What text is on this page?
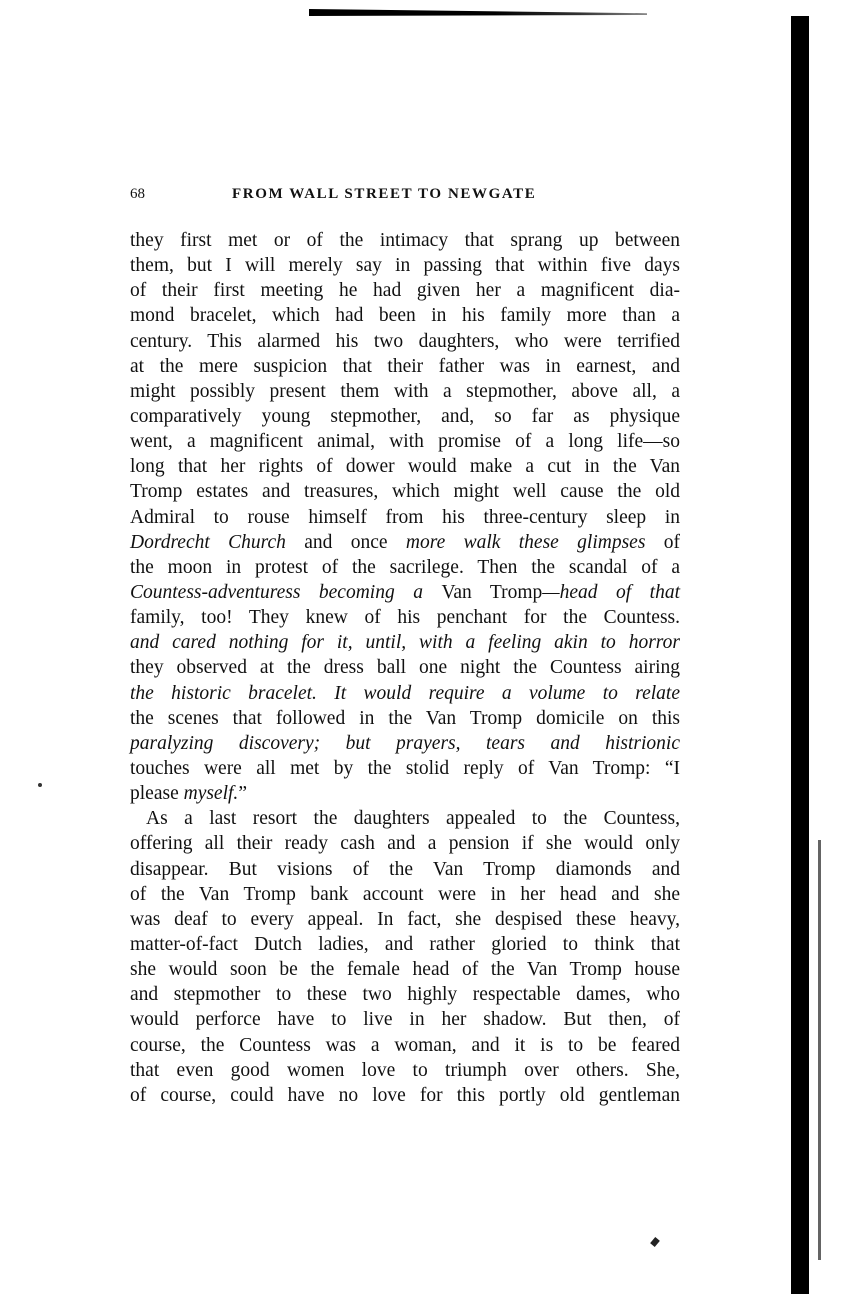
68	FROM WALL STREET TO NEWGATE
they first met or of the intimacy that sprang up between
them, but I will merely say in passing that within five days
of their first meeting he had given her a magnificent dia-
mond bracelet, which had been in his family more than a
century. This alarmed his two daughters, who were terrified
at the mere suspicion that their father was in earnest, and
might possibly present them with a stepmother, above all, a
comparatively young stepmother, and, so far as physique
went, a magnificent animal, with promise of a long life—so
long that her rights of dower would make a cut in the Van
Tromp estates and treasures, which might well cause the old
Admiral to rouse himself from his three-century sleep in
Dordrecht Church and once more walk these glimpses of
the moon in protest of the sacrilege. Then the scandal of a
Countess-adventuress becoming a Van Tromp—head of that
family, too! They knew of his penchant for the Countess.
and cared nothing for it, until, with a feeling akin to horror
they observed at the dress ball one night the Countess airing
the historic bracelet. It would require a volume to relate
the scenes that followed in the Van Tromp domicile on this
paralyzing discovery; but prayers, tears and histrionic
touches were all met by the stolid reply of Van Tromp: “I
please myself.”
As a last resort the daughters appealed to the Countess,
offering all their ready cash and a pension if she would only
disappear. But visions of the Van Tromp diamonds and
of the Van Tromp bank account were in her head and she
was deaf to every appeal. In fact, she despised these heavy,
matter-of-fact Dutch ladies, and rather gloried to think that
she would soon be the female head of the Van Tromp house
and stepmother to these two highly respectable dames, who
would perforce have to live in her shadow. But then, of
course, the Countess was a woman, and it is to be feared
that even good women love to triumph over others. She,
of course, could have no love for this portly old gentleman
